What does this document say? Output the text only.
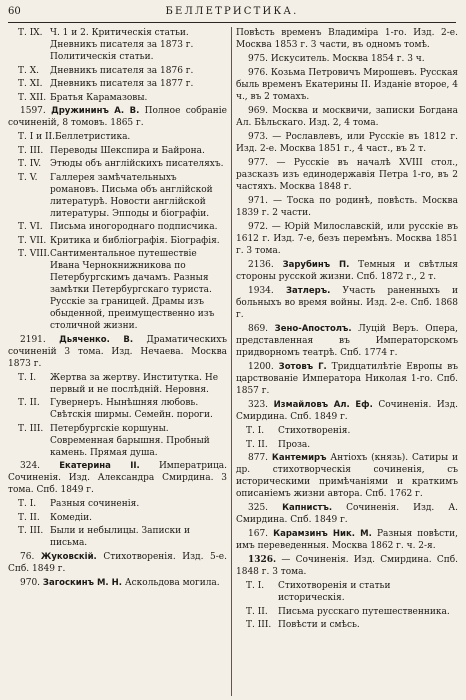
60	БЕЛЛЕТРИСТИКА.
Т. IX. Ч. 1 и 2. Критическія статьи. Дневникъ писателя за 1873 г. Политическія статьи.
Т. X.	Дневникъ писателя за 1876 г.
Т. XI. Дневникъ писателя за 1877 г.
Т. XII. Братья Карамазовы.

1597. Дружининъ А. В. Полное собраніе сочиненій, 8 томовъ. 1865 г.

Т. I и II. Беллетристика.
Т. III. Переводы Шекспира и Байрона.
Т. IV. Этюды объ англійскихъ писателяхъ.
Т. V.	Галлерея замѣчательныхъ романовъ. Письма объ англійской литературѣ. Новости англійской литературы. Эпподы и біографіи.
Т. VI. Письма иногороднаго подписчика.
Т. VII. Критика и библіографія. Біографія.
Т. VIII. Сантиментальное путешествіе Ивана Чернокнижникова по Петербургскимъ дачамъ. Разныя замѣтки Петербургскаго туриста. Русскіе за границей. Драмы изъ обыденной, преимущественно изъ столичной жизни.

2191. Дьяченко. В. Драматическихъ сочиненій 3 тома. Изд. Нечаева. Москва 1873 г.

Т. I.	Жертва за жертву. Институтка. Не первый и не послѣдній. Неровня.
Т. II.	Гувернеръ. Нынѣшняя любовь. Свѣтскія ширмы. Семейн. пороги.
Т. III. Петербургскіе коршуны. Современная барышня. Пробный камень. Прямая душа.

324. Екатерина II. Императрица. Сочиненія. Изд. Александра Смирдина. 3 тома. Спб. 1849 г.

Т. I.	Разныя сочиненія.
Т. II.	Комедіи.
Т. III. Были и небылицы. Записки и письма.

76. Жуковскій. Стихотворенія. Изд. 5-е. Спб. 1849 г.

970. Загоскинъ М. Н. Аскольдова могила.

Повѣсть временъ Владиміра 1-го. Изд. 2-е. Москва 1853 г. 3 части, въ одномъ томѣ.

975. Искуситель. Москва 1854 г. 3 ч.

976. Козьма Петровичъ Мирошевъ. Русская быль временъ Екатерины II. Изданіе второе, 4 ч., въ 2 томахъ.

969. Москва и москвичи, записки Богдана Ал. Бѣльскаго. Изд. 2, 4 тома.

973. — Рославлевъ, или Русскіе въ 1812 г. Изд. 2-е. Москва 1851 г., 4 част., въ 2 т.

977. — Русскіе въ началѣ XVIII стол., разсказъ изъ единодержавія Петра 1-го, въ 2 частяхъ. Москва 1848 г.

971. — Тоска по родинѣ, повѣсть. Москва 1839 г. 2 части.

972. — Юрій Милославскій, или русскіе въ 1612 г. Изд. 7-е, безъ перемѣнъ. Москва 1851 г. 3 тома.

2136. Зарубинъ П. Темныя и свѣтлыя стороны русской жизни. Спб. 1872 г., 2 т.

1934. Затлеръ. Участь раненныхъ и больныхъ во время войны. Изд. 2-е. Спб. 1868 г.

869. Зено-Апостолъ. Луцій Веръ. Опера, представленная въ Императорскомъ придворномъ театрѣ. Спб. 1774 г.

1200. Зотовъ Г. Тридцатилѣтіе Европы въ царствованіе Императора Николая 1-го. Спб. 1857 г.

323. Измайловъ Ал. Еф. Сочиненія. Изд. Смирдина. Спб. 1849 г.

Т. I.	Стихотворенія.
Т. II.	Проза.

877. Кантемиръ Антіохъ (князь). Сатиры и др. стихотворческія сочиненія, съ историческими примѣчаніями и краткимъ описаніемъ жизни автора. Спб. 1762 г.

325. Капнистъ. Сочиненія. Изд. А. Смирдина. Спб. 1849 г.

167. Карамзинъ Ник. М. Разныя повѣсти, имъ переведенныя. Москва 1862 г. ч. 2-я.

1326. — Сочиненія. Изд. Смирдина. Спб. 1848 г. 3 тома.

Т. I.	Стихотворенія и статьи историческія.
Т. II.	Письма русскаго путешественника.
Т. III. Повѣсти и смѣсь.
